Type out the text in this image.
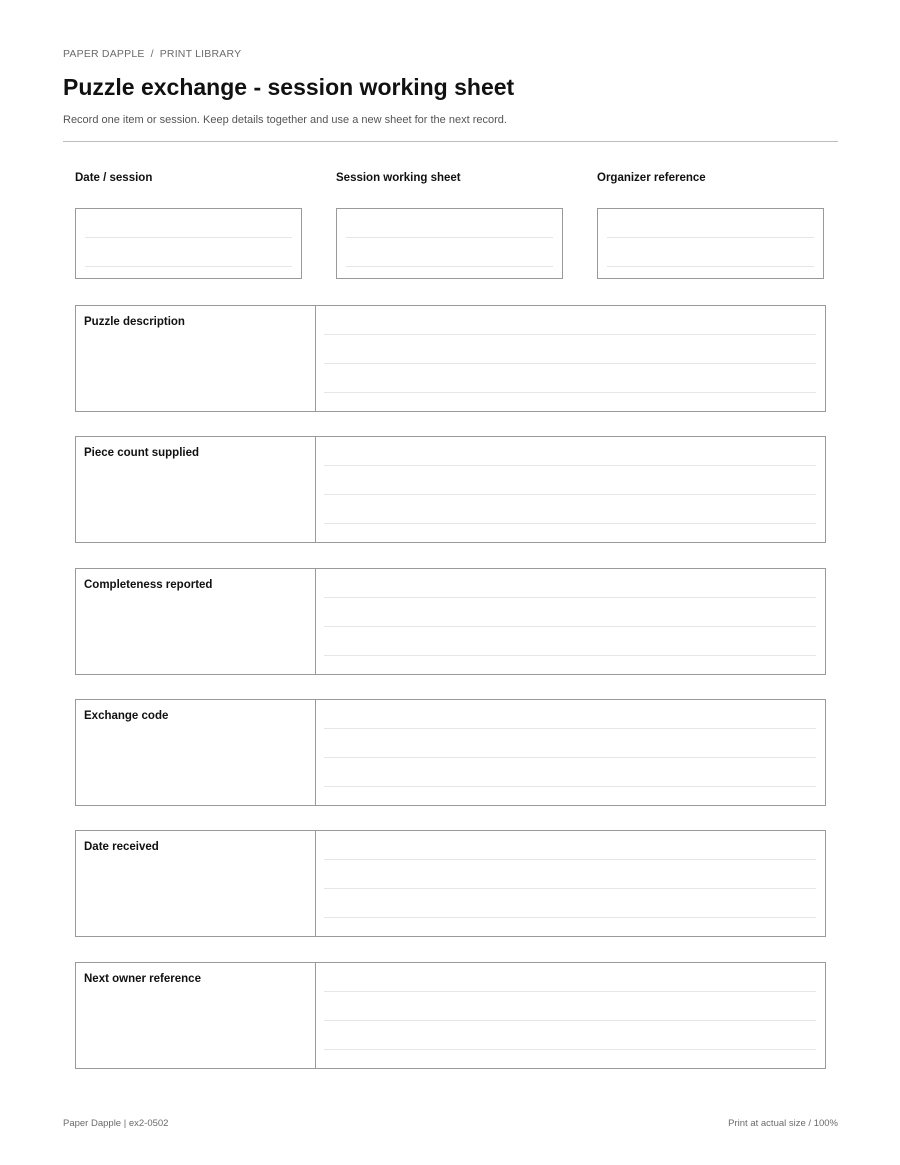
PAPER DAPPLE / PRINT LIBRARY
Puzzle exchange - session working sheet
Record one item or session. Keep details together and use a new sheet for the next record.
Date / session	Session working sheet	Organizer reference
Puzzle description
Piece count supplied
Completeness reported
Exchange code
Date received
Next owner reference
Paper Dapple | ex2-0502	Print at actual size / 100%
